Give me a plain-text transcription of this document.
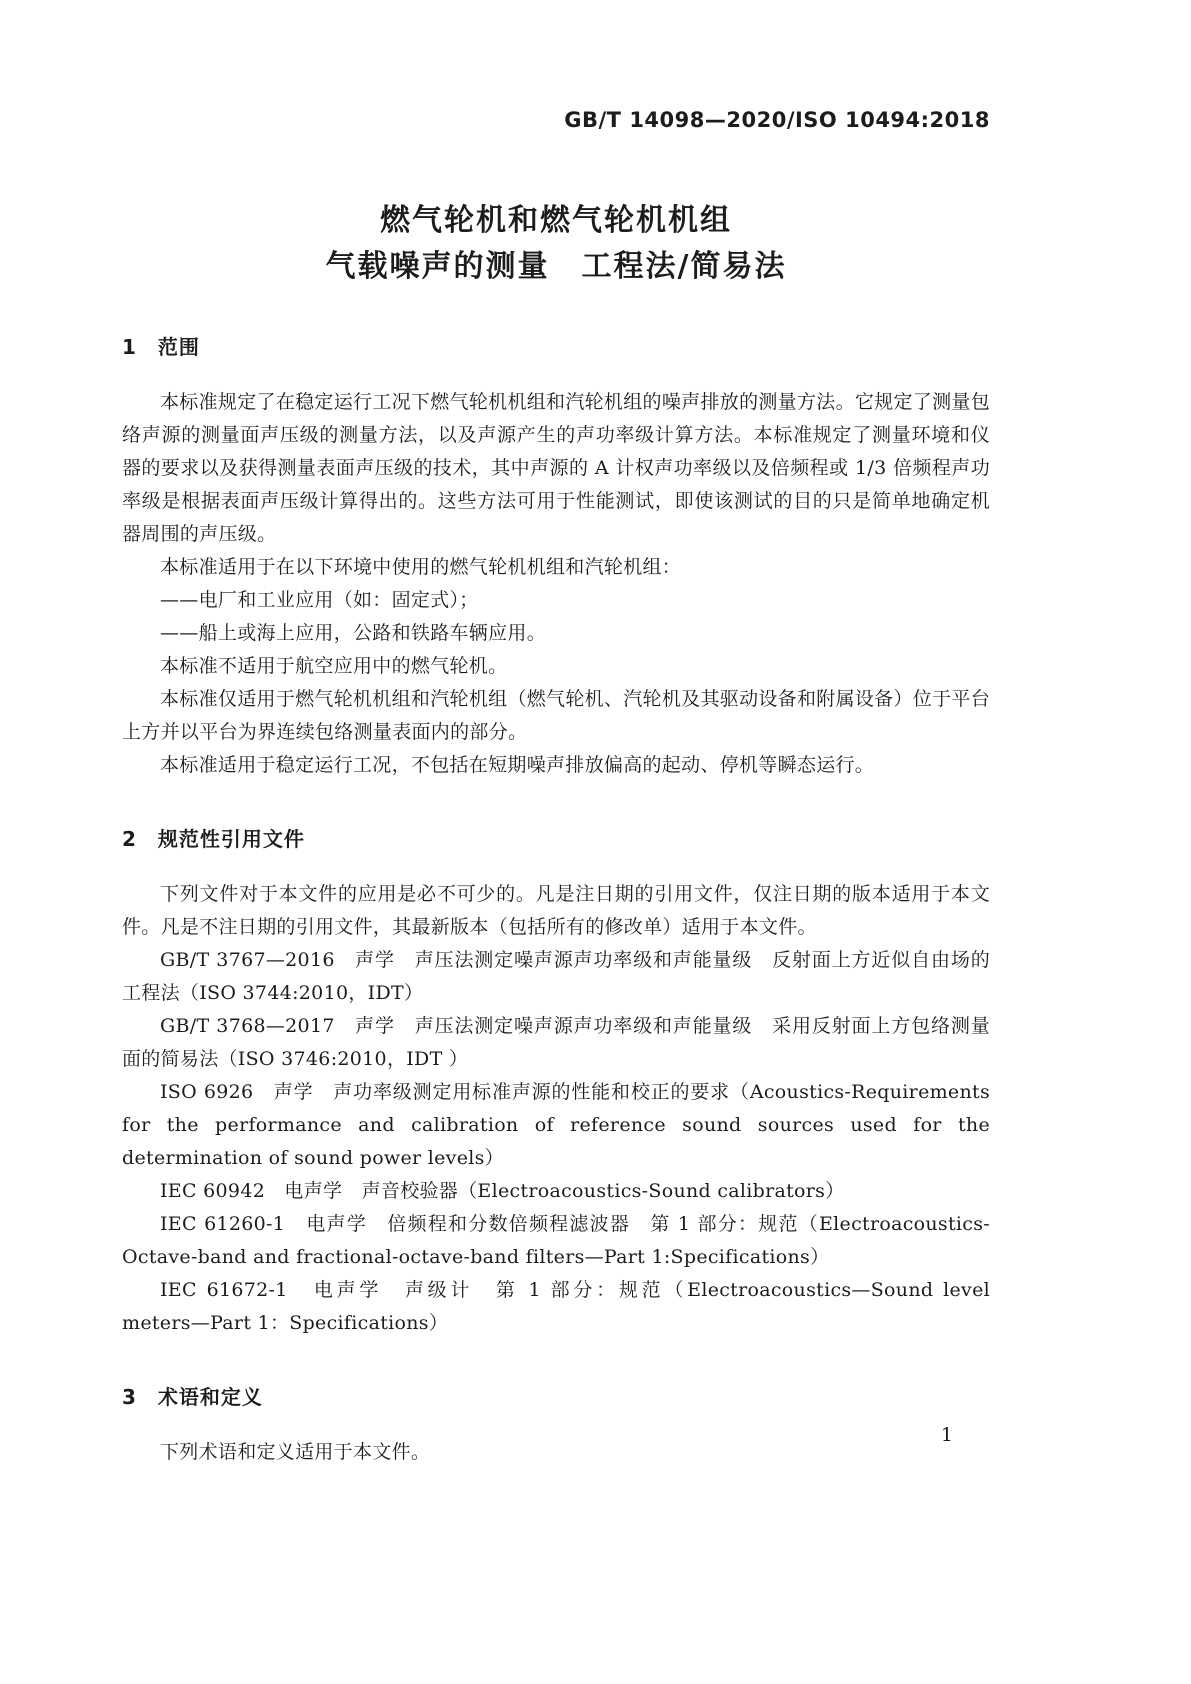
GB/T 14098—2020/ISO 10494:2018
燃气轮机和燃气轮机机组
气载噪声的测量　工程法/简易法
1　范围

本标准规定了在稳定运行工况下燃气轮机机组和汽轮机组的噪声排放的测量方法。它规定了测量包络声源的测量面声压级的测量方法，以及声源产生的声功率级计算方法。本标准规定了测量环境和仪器的要求以及获得测量表面声压级的技术，其中声源的 A 计权声功率级以及倍频程或 1/3 倍频程声功率级是根据表面声压级计算得出的。这些方法可用于性能测试，即使该测试的目的只是简单地确定机器周围的声压级。

本标准适用于在以下环境中使用的燃气轮机机组和汽轮机组：

——电厂和工业应用（如：固定式）；

——船上或海上应用，公路和铁路车辆应用。

本标准不适用于航空应用中的燃气轮机。

本标准仅适用于燃气轮机机组和汽轮机组（燃气轮机、汽轮机及其驱动设备和附属设备）位于平台上方并以平台为界连续包络测量表面内的部分。

本标准适用于稳定运行工况，不包括在短期噪声排放偏高的起动、停机等瞬态运行。

2　规范性引用文件

下列文件对于本文件的应用是必不可少的。凡是注日期的引用文件，仅注日期的版本适用于本文件。凡是不注日期的引用文件，其最新版本（包括所有的修改单）适用于本文件。

GB/T 3767—2016　声学　声压法测定噪声源声功率级和声能量级　反射面上方近似自由场的工程法（ISO 3744:2010，IDT）

GB/T 3768—2017　声学　声压法测定噪声源声功率级和声能量级　采用反射面上方包络测量面的简易法（ISO 3746:2010，IDT ）

ISO 6926　声学　声功率级测定用标准声源的性能和校正的要求（Acoustics-Requirements for the performance and calibration of reference sound sources used for the determination of sound power levels）

IEC 60942　电声学　声音校验器（Electroacoustics-Sound calibrators）

IEC 61260-1　电声学　倍频程和分数倍频程滤波器　第 1 部分：规范（Electroacoustics-Octave-band and fractional-octave-band filters—Part 1:Specifications）

IEC 61672-1　电声学　声级计　第 1 部分：规范（Electroacoustics—Sound level meters—Part 1：Specifications）

3　术语和定义

下列术语和定义适用于本文件。

1
